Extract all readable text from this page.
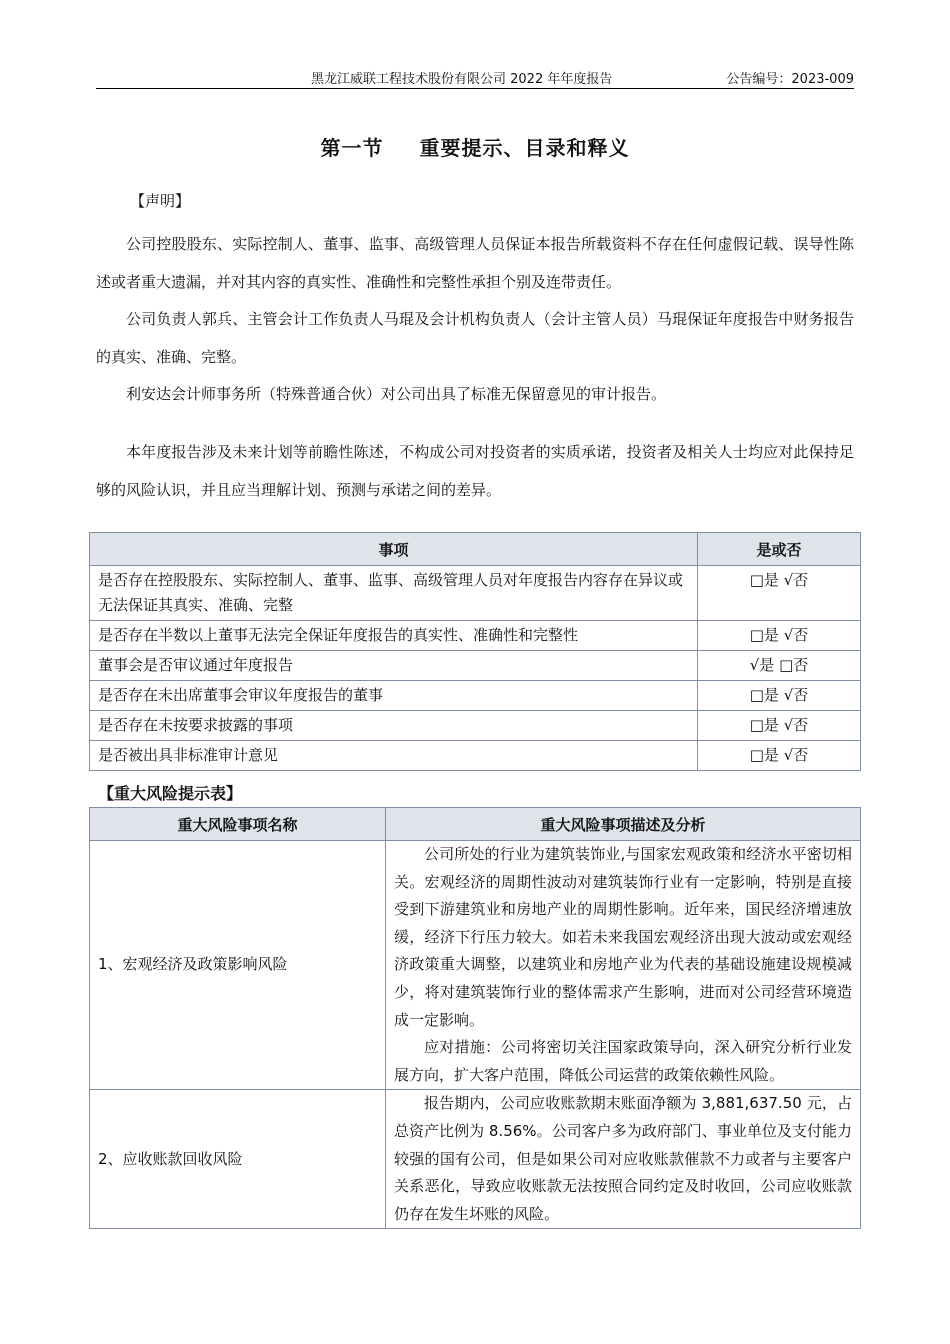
黑龙江威联工程技术股份有限公司 2022 年年度报告	公告编号：2023-009
第一节 重要提示、目录和释义
【声明】

公司控股股东、实际控制人、董事、监事、高级管理人员保证本报告所载资料不存在任何虚假记载、误导性陈述或者重大遗漏，并对其内容的真实性、准确性和完整性承担个别及连带责任。

公司负责人郭兵、主管会计工作负责人马琨及会计机构负责人（会计主管人员）马琨保证年度报告中财务报告的真实、准确、完整。

利安达会计师事务所（特殊普通合伙）对公司出具了标准无保留意见的审计报告。

本年度报告涉及未来计划等前瞻性陈述，不构成公司对投资者的实质承诺，投资者及相关人士均应对此保持足够的风险认识，并且应当理解计划、预测与承诺之间的差异。

事项	是或否
是否存在控股股东、实际控制人、董事、监事、高级管理人员对年度报告内容存在异议或无法保证其真实、准确、完整	□是 √否
是否存在半数以上董事无法完全保证年度报告的真实性、准确性和完整性	□是 √否
董事会是否审议通过年度报告	√是 □否
是否存在未出席董事会审议年度报告的董事	□是 √否
是否存在未按要求披露的事项	□是 √否
是否被出具非标准审计意见	□是 √否
【重大风险提示表】
重大风险事项名称	重大风险事项描述及分析
1、宏观经济及政策影响风险	公司所处的行业为建筑装饰业,与国家宏观政策和经济水平密切相关。宏观经济的周期性波动对建筑装饰行业有一定影响，特别是直接受到下游建筑业和房地产业的周期性影响。近年来，国民经济增速放缓，经济下行压力较大。如若未来我国宏观经济出现大波动或宏观经济政策重大调整，以建筑业和房地产业为代表的基础设施建设规模减少，将对建筑装饰行业的整体需求产生影响，进而对公司经营环境造成一定影响。

应对措施：公司将密切关注国家政策导向，深入研究分析行业发展方向，扩大客户范围，降低公司运营的政策依赖性风险。

2、应收账款回收风险	报告期内，公司应收账款期末账面净额为 3,881,637.50 元，占总资产比例为 8.56%。公司客户多为政府部门、事业单位及支付能力较强的国有公司，但是如果公司对应收账款催款不力或者与主要客户关系恶化，导致应收账款无法按照合同约定及时收回，公司应收账款仍存在发生坏账的风险。
